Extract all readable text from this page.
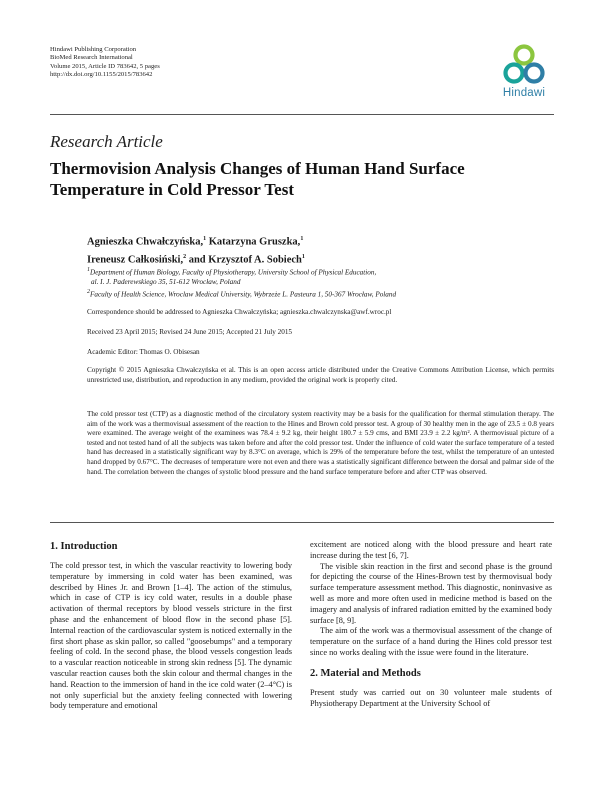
Hindawi Publishing Corporation
BioMed Research International
Volume 2015, Article ID 783642, 5 pages
http://dx.doi.org/10.1155/2015/783642
Hindawi
Research Article
Thermovision Analysis Changes of Human Hand Surface Temperature in Cold Pressor Test
Agnieszka Chwałczyńska,$^1$ Katarzyna Gruszka,$^1$
Ireneusz Całkosiński,$^2$ and Krzysztof A. Sobiech$^1$
$^1$Department of Human Biology, Faculty of Physiotherapy, University School of Physical Education,
al. I. J. Paderewskiego 35, 51-612 Wrocław, Poland
$^2$Faculty of Health Science, Wroclaw Medical University, Wybrzeże L. Pasteura 1, 50-367 Wrocław, Poland
Correspondence should be addressed to Agnieszka Chwałczyńska; agnieszka.chwalczynska@awf.wroc.pl
Received 23 April 2015; Revised 24 June 2015; Accepted 21 July 2015
Academic Editor: Thomas O. Obisesan
Copyright © 2015 Agnieszka Chwałczyńska et al. This is an open access article distributed under the Creative Commons Attribution License, which permits unrestricted use, distribution, and reproduction in any medium, provided the original work is properly cited.
The cold pressor test (CTP) as a diagnostic method of the circulatory system reactivity may be a basis for the qualification for thermal stimulation therapy. The aim of the work was a thermovisual assessment of the reaction to the Hines and Brown cold pressor test. A group of 30 healthy men in the age of 23.5 ± 0.8 years were examined. The average weight of the examinees was 78.4 ± 9.2 kg, their height 180.7 ± 5.9 cms, and BMI 23.9 ± 2.2 kg/m². A thermovisual picture of a tested and not tested hand of all the subjects was taken before and after the cold pressor test. Under the influence of cold water the surface temperature of a tested hand has decreased in a statistically significant way by 8.3°C on average, which is 29% of the temperature before the test, whilst the temperature of an untested hand dropped by 0.67°C. The decreases of temperature were not even and there was a statistically significant difference between the dorsal and palmar side of the hand. The correlation between the changes of systolic blood pressure and the hand surface temperature before and after CTP was observed.
1. Introduction

The cold pressor test, in which the vascular reactivity to lowering body temperature by immersing in cold water has been examined, was described by Hines Jr. and Brown [1–4]. The action of the stimulus, which in case of CTP is icy cold water, results in a double phase activation of thermal receptors by blood vessels stricture in the first phase and the enhancement of blood flow in the second phase [5]. Internal reaction of the cardiovascular system is noticed externally in the first short phase as skin pallor, so called "goosebumps" and a temporary feeling of cold. In the second phase, the blood vessels congestion leads to a vascular reaction noticeable in strong skin redness [5]. The dynamic vascular reaction causes both the skin colour and thermal changes in the hand. Reaction to the immersion of hand in the ice cold water (2–4°C) is not only superficial but the anxiety feeling connected with lowering body temperature and emotional

excitement are noticed along with the blood pressure and heart rate increase during the test [6, 7].

The visible skin reaction in the first and second phase is the ground for depicting the course of the Hines-Brown test by thermovisual body surface temperature assessment method. This diagnostic, noninvasive as well as more and more often used in medicine method is based on the imagery and analysis of infrared radiation emitted by the examined body surface [8, 9].

The aim of the work was a thermovisual assessment of the change of temperature on the surface of a hand during the Hines cold pressor test since no works dealing with the issue were found in the literature.

2. Material and Methods

Present study was carried out on 30 volunteer male students of Physiotherapy Department at the University School of
